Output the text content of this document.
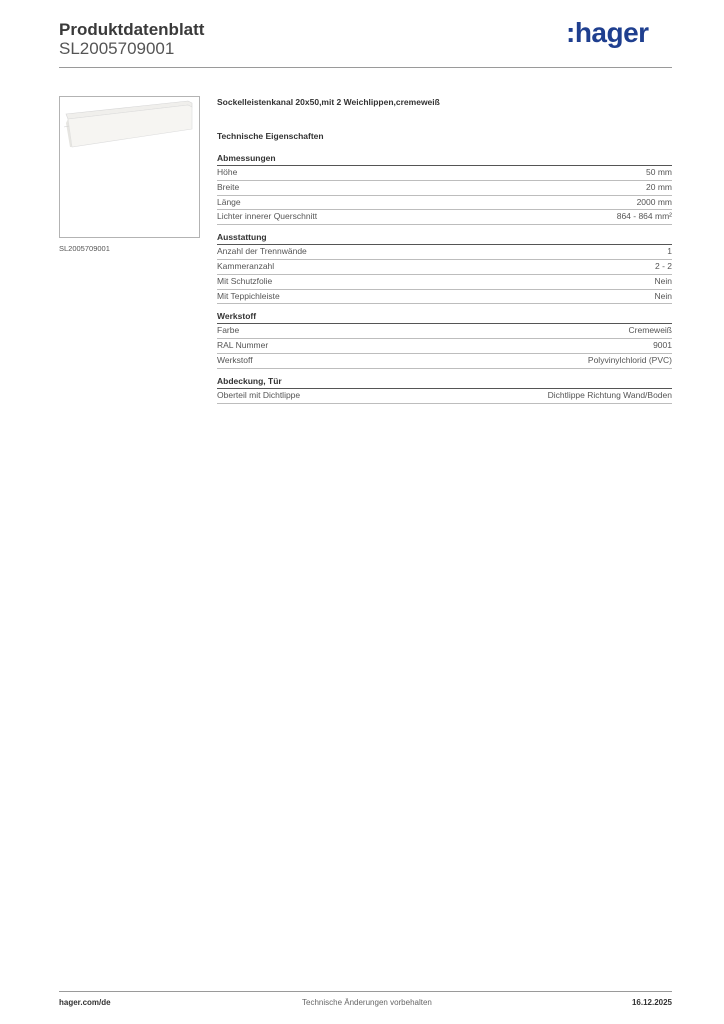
Produktdatenblatt
SL2005709001
:hager
SL2005709001
Sockelleistenkanal 20x50,mit 2 Weichlippen,cremeweiß
Technische Eigenschaften
Abmessungen
Höhe	50 mm
Breite	20 mm
Länge	2000 mm
Lichter innerer Querschnitt	864 - 864 mm²
Ausstattung
Anzahl der Trennwände	1
Kammeranzahl	2 - 2
Mit Schutzfolie	Nein
Mit Teppichleiste	Nein
Werkstoff
Farbe	Cremeweiß
RAL Nummer	9001
Werkstoff	Polyvinylchlorid (PVC)
Abdeckung, Tür
Oberteil mit Dichtlippe	Dichtlippe Richtung Wand/Boden
hager.com/de	Technische Änderungen vorbehalten	16.12.2025
